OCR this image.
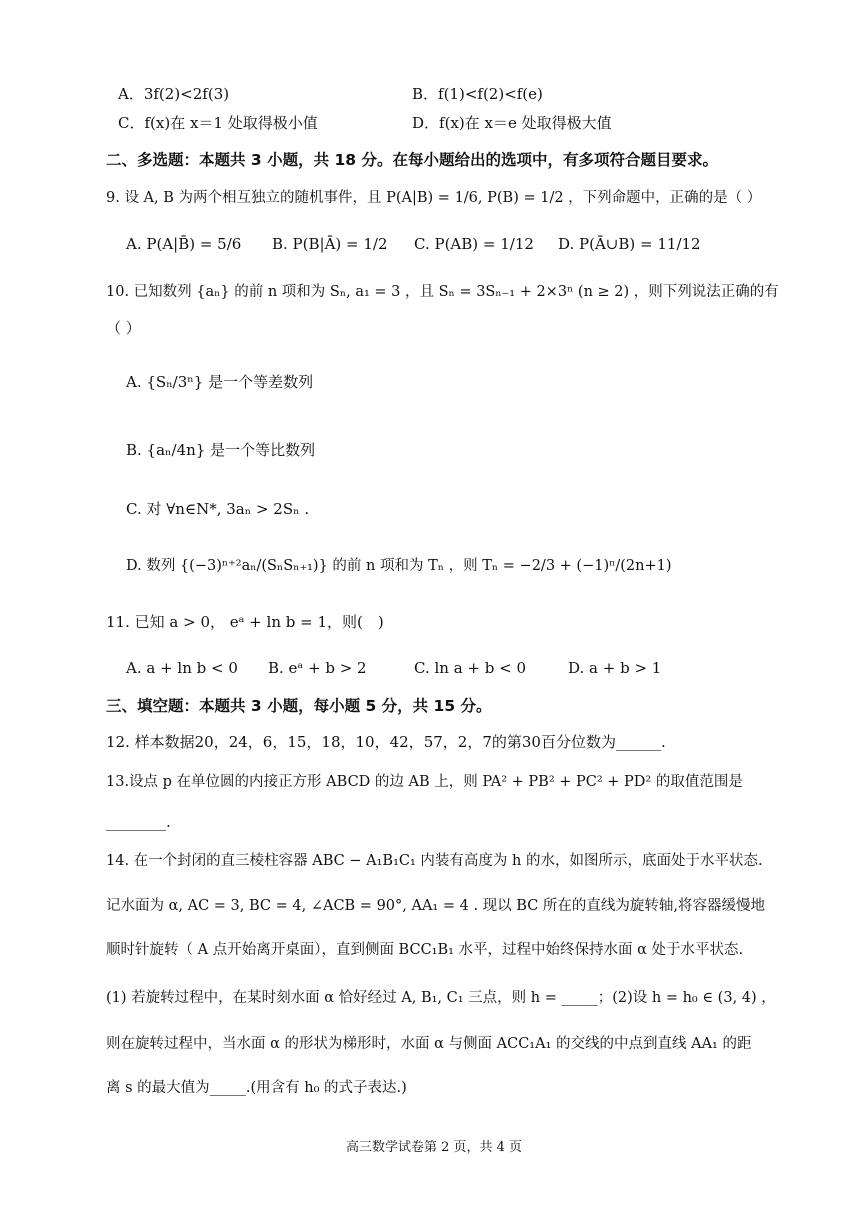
A．3f(2)<2f(3)	B．f(1)<f(2)<f(e)
C．f(x)在 x＝1 处取得极小值	D．f(x)在 x＝e 处取得极大值
二、多选题：本题共 3 小题，共 18 分。在每小题给出的选项中，有多项符合题目要求。
9. 设 A, B 为两个相互独立的随机事件，且 P(A|B) = 1/6, P(B) = 1/2 ，下列命题中，正确的是（ ）
A. P(A|B̄) = 5/6 B. P(B|Ā) = 1/2 C. P(AB) = 1/12 D. P(Ā∪B) = 11/12
10. 已知数列 {aₙ} 的前 n 项和为 Sₙ, a₁ = 3 ，且 Sₙ = 3Sₙ₋₁ + 2×3ⁿ (n ≥ 2) ，则下列说法正确的有
（ ）
A. {Sₙ/3ⁿ} 是一个等差数列
B. {aₙ/4n} 是一个等比数列
C. 对 ∀n∈N*, 3aₙ > 2Sₙ .
D. 数列 {(−3)ⁿ⁺²aₙ/(SₙSₙ₊₁)} 的前 n 项和为 Tₙ ，则 Tₙ = −2/3 + (−1)ⁿ/(2n+1)
11. 已知 a > 0， eᵃ + ln b = 1，则(　)
A. a + ln b < 0 B. eᵃ + b > 2	C. ln a + b < 0	D. a + b > 1
三、填空题：本题共 3 小题，每小题 5 分，共 15 分。
12. 样本数据20，24，6，15，18，10，42，57，2，7的第30百分位数为______.
13.设点 p 在单位圆的内接正方形 ABCD 的边 AB 上，则 PA² + PB² + PC² + PD² 的取值范围是
________.
14. 在一个封闭的直三棱柱容器 ABC − A₁B₁C₁ 内装有高度为 h 的水，如图所示，底面处于水平状态.
记水面为 α, AC = 3, BC = 4, ∠ACB = 90°, AA₁ = 4 . 现以 BC 所在的直线为旋转轴,将容器缓慢地
顺时针旋转（ A 点开始离开桌面），直到侧面 BCC₁B₁ 水平，过程中始终保持水面 α 处于水平状态.
(1) 若旋转过程中，在某时刻水面 α 恰好经过 A, B₁, C₁ 三点，则 h = _____；(2)设 h = h₀ ∈ (3, 4) ，
则在旋转过程中，当水面 α 的形状为梯形时，水面 α 与侧面 ACC₁A₁ 的交线的中点到直线 AA₁ 的距
离 s 的最大值为_____.(用含有 h₀ 的式子表达.)
高三数学试卷第 2 页，共 4 页
